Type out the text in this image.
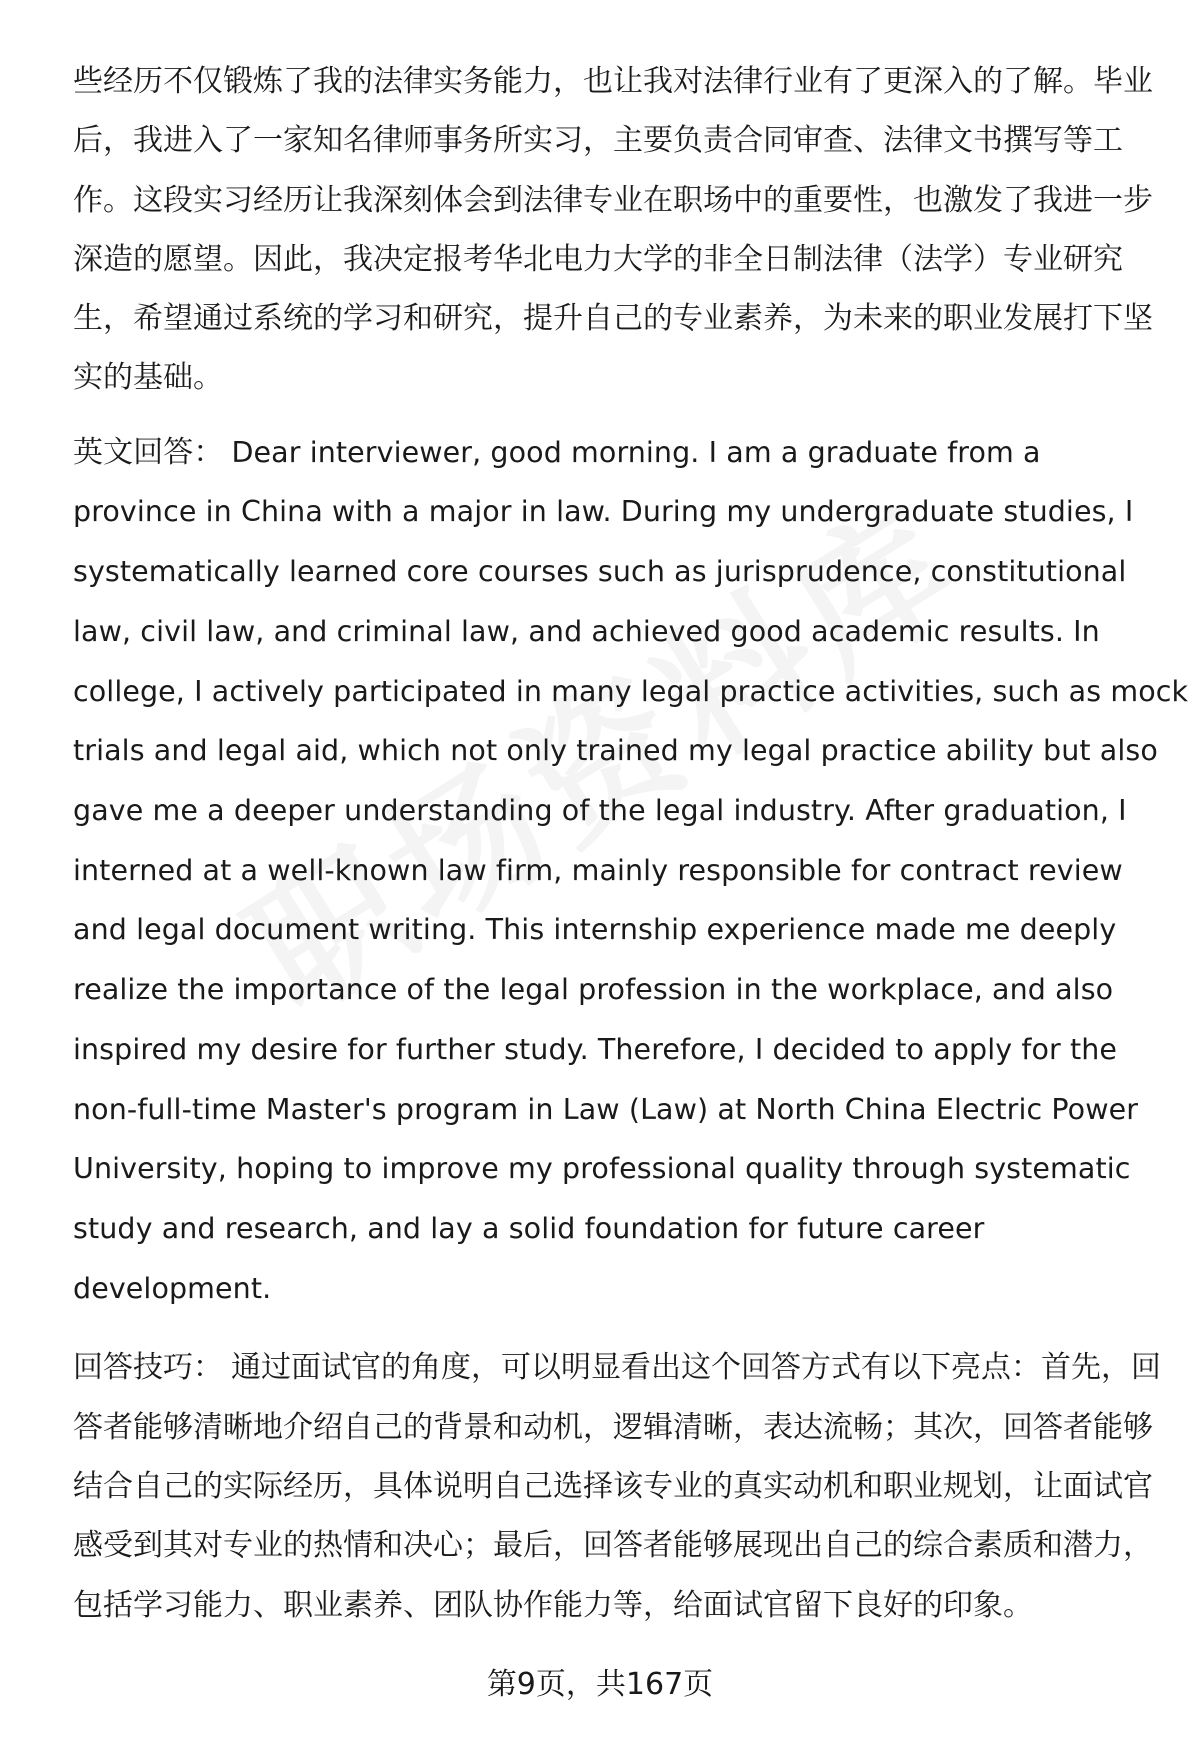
些经历不仅锻炼了我的法律实务能力，也让我对法律行业有了更深入的了解。毕业
后，我进入了一家知名律师事务所实习，主要负责合同审查、法律文书撰写等工
作。这段实习经历让我深刻体会到法律专业在职场中的重要性，也激发了我进一步
深造的愿望。因此，我决定报考华北电力大学的非全日制法律（法学）专业研究
生，希望通过系统的学习和研究，提升自己的专业素养，为未来的职业发展打下坚
实的基础。

英文回答： Dear interviewer, good morning. I am a graduate from a
province in China with a major in law. During my undergraduate studies, I
systematically learned core courses such as jurisprudence, constitutional
law, civil law, and criminal law, and achieved good academic results. In
college, I actively participated in many legal practice activities, such as mock
trials and legal aid, which not only trained my legal practice ability but also
gave me a deeper understanding of the legal industry. After graduation, I
interned at a well-known law firm, mainly responsible for contract review
and legal document writing. This internship experience made me deeply
realize the importance of the legal profession in the workplace, and also
inspired my desire for further study. Therefore, I decided to apply for the
non-full-time Master's program in Law (Law) at North China Electric Power
University, hoping to improve my professional quality through systematic
study and research, and lay a solid foundation for future career
development.

回答技巧： 通过面试官的角度，可以明显看出这个回答方式有以下亮点：首先，回
答者能够清晰地介绍自己的背景和动机，逻辑清晰，表达流畅；其次，回答者能够
结合自己的实际经历，具体说明自己选择该专业的真实动机和职业规划，让面试官
感受到其对专业的热情和决心；最后，回答者能够展现出自己的综合素质和潜力，
包括学习能力、职业素养、团队协作能力等，给面试官留下良好的印象。

第9页，共167页
